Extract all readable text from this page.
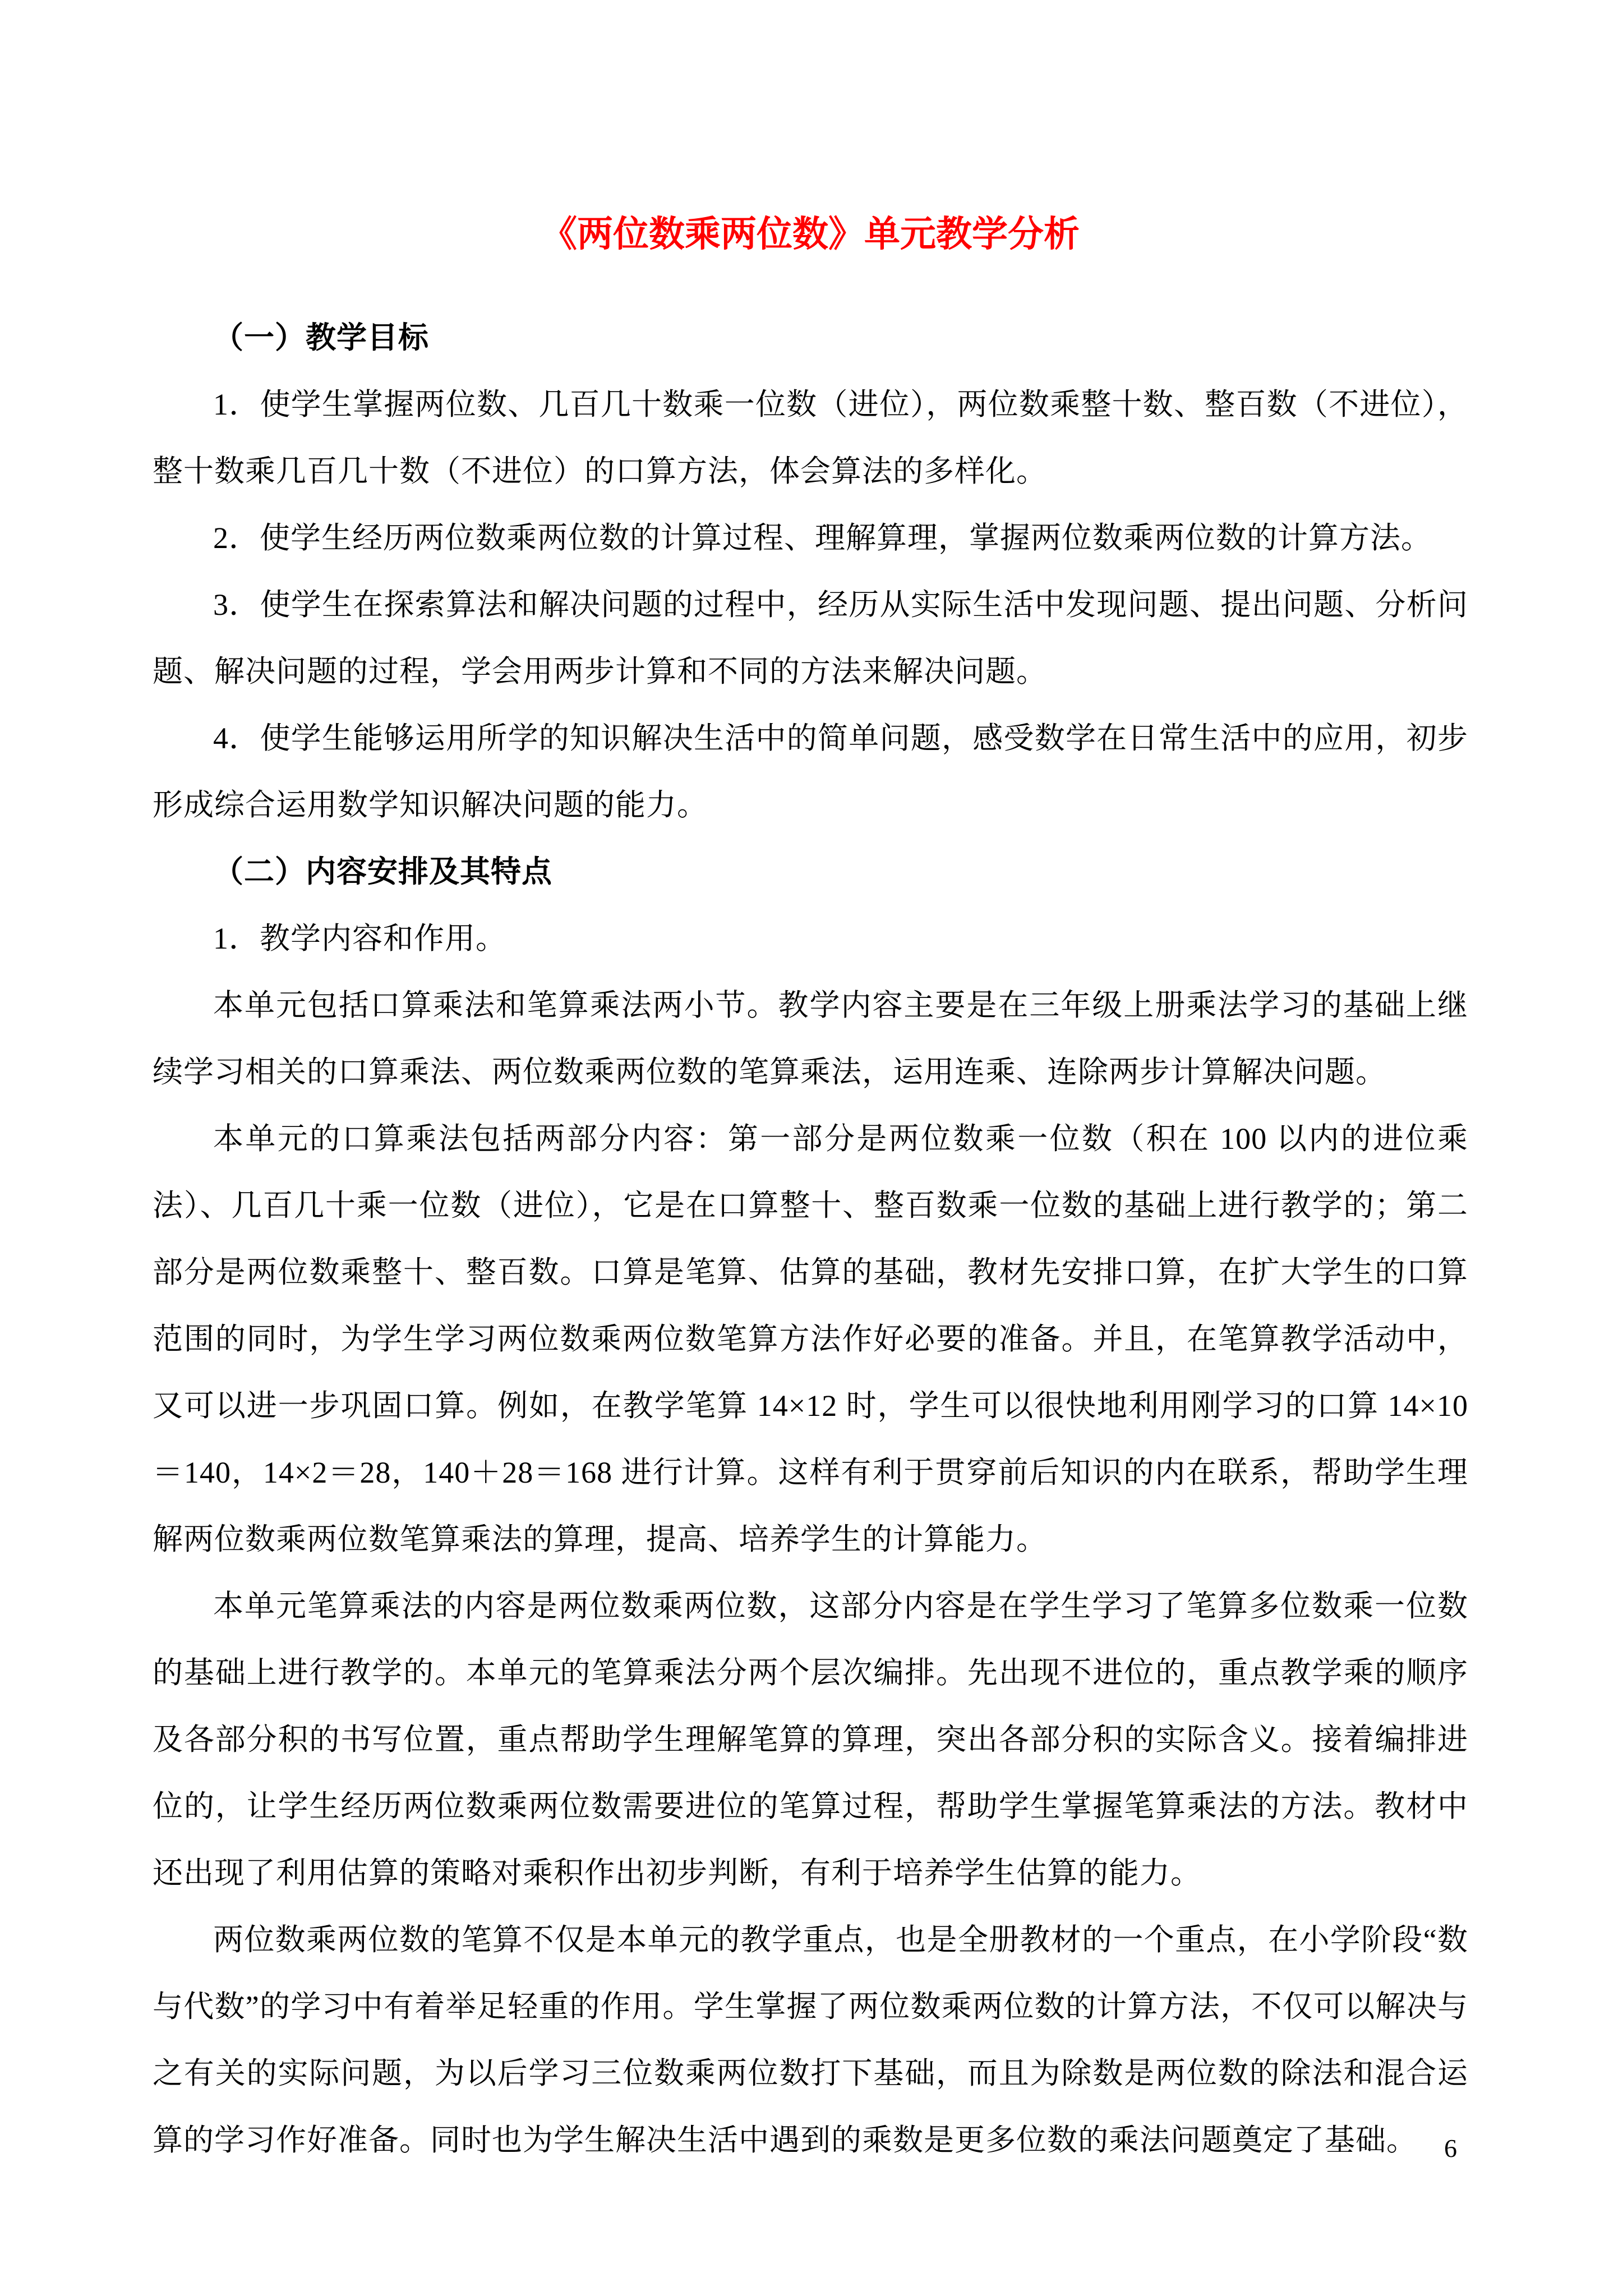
《两位数乘两位数》单元教学分析
（一）教学目标
1．使学生掌握两位数、几百几十数乘一位数（进位），两位数乘整十数、整百数（不进位），整十数乘几百几十数（不进位）的口算方法，体会算法的多样化。
2．使学生经历两位数乘两位数的计算过程、理解算理，掌握两位数乘两位数的计算方法。
3．使学生在探索算法和解决问题的过程中，经历从实际生活中发现问题、提出问题、分析问题、解决问题的过程，学会用两步计算和不同的方法来解决问题。
4．使学生能够运用所学的知识解决生活中的简单问题，感受数学在日常生活中的应用，初步形成综合运用数学知识解决问题的能力。
（二）内容安排及其特点
1．教学内容和作用。
本单元包括口算乘法和笔算乘法两小节。教学内容主要是在三年级上册乘法学习的基础上继续学习相关的口算乘法、两位数乘两位数的笔算乘法，运用连乘、连除两步计算解决问题。
本单元的口算乘法包括两部分内容：第一部分是两位数乘一位数（积在 100 以内的进位乘法）、几百几十乘一位数（进位），它是在口算整十、整百数乘一位数的基础上进行教学的；第二部分是两位数乘整十、整百数。口算是笔算、估算的基础，教材先安排口算，在扩大学生的口算范围的同时，为学生学习两位数乘两位数笔算方法作好必要的准备。并且，在笔算教学活动中，又可以进一步巩固口算。例如，在教学笔算 14×12 时，学生可以很快地利用刚学习的口算 14×10＝140，14×2＝28，140＋28＝168 进行计算。这样有利于贯穿前后知识的内在联系，帮助学生理解两位数乘两位数笔算乘法的算理，提高、培养学生的计算能力。
本单元笔算乘法的内容是两位数乘两位数，这部分内容是在学生学习了笔算多位数乘一位数的基础上进行教学的。本单元的笔算乘法分两个层次编排。先出现不进位的，重点教学乘的顺序及各部分积的书写位置，重点帮助学生理解笔算的算理，突出各部分积的实际含义。接着编排进位的，让学生经历两位数乘两位数需要进位的笔算过程，帮助学生掌握笔算乘法的方法。教材中还出现了利用估算的策略对乘积作出初步判断，有利于培养学生估算的能力。
两位数乘两位数的笔算不仅是本单元的教学重点，也是全册教材的一个重点，在小学阶段“数与代数”的学习中有着举足轻重的作用。学生掌握了两位数乘两位数的计算方法，不仅可以解决与之有关的实际问题，为以后学习三位数乘两位数打下基础，而且为除数是两位数的除法和混合运算的学习作好准备。同时也为学生解决生活中遇到的乘数是更多位数的乘法问题奠定了基础。	6
